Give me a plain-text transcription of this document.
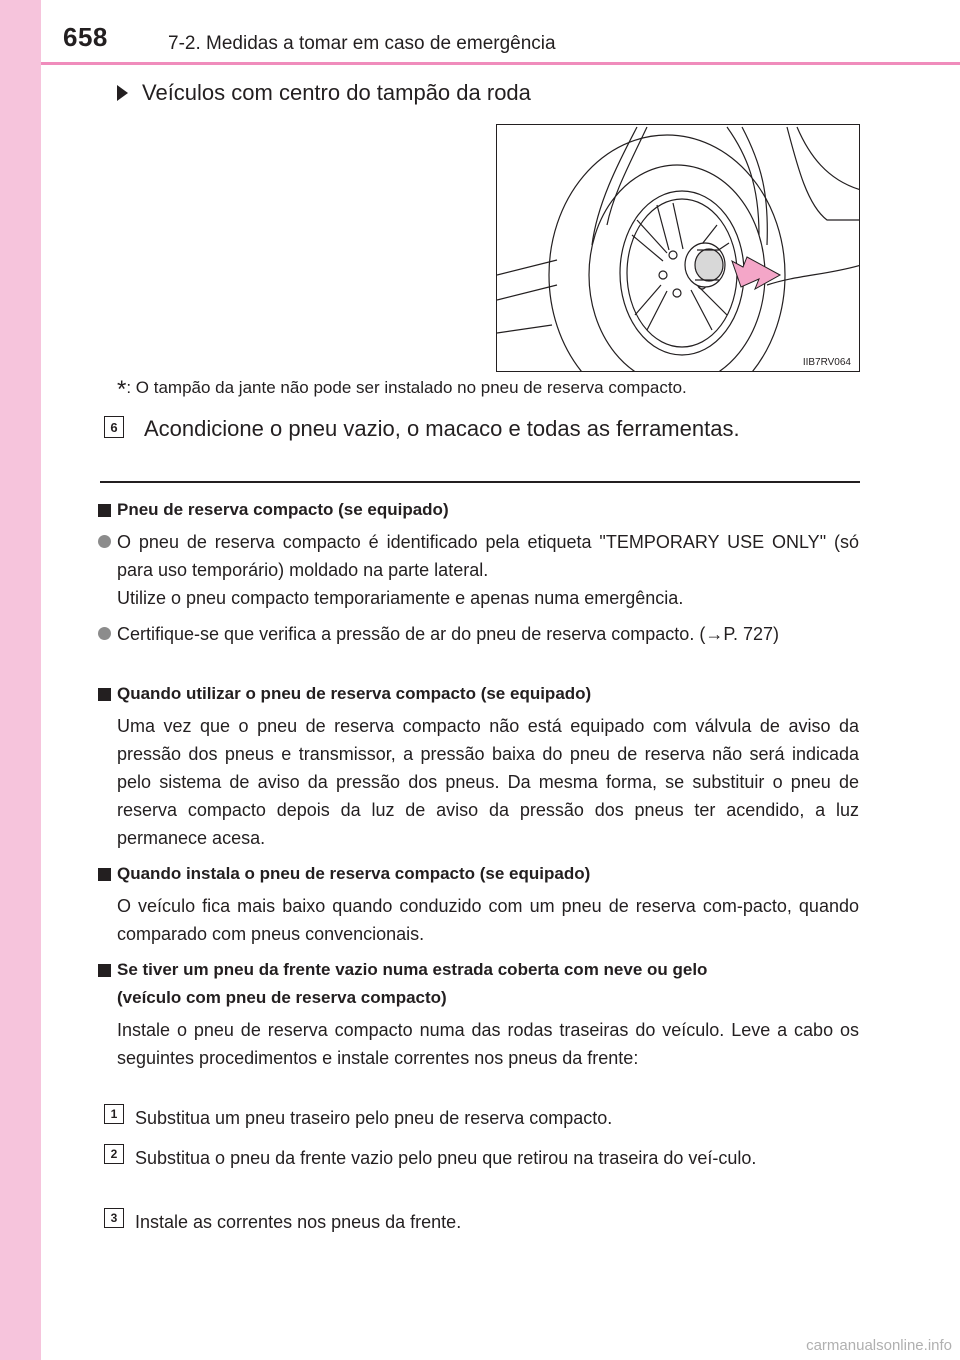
658	7-2. Medidas a tomar em caso de emergência
Veículos com centro do tampão da roda
IIB7RV064
*: O tampão da jante não pode ser instalado no pneu de reserva compacto.
6 Acondicione o pneu vazio, o macaco e todas as ferramentas.
Pneu de reserva compacto (se equipado)
O pneu de reserva compacto é identificado pela etiqueta "TEMPORARY USE ONLY" (só para uso temporário) moldado na parte lateral.
Utilize o pneu compacto temporariamente e apenas numa emergência.
Certifique-se que verifica a pressão de ar do pneu de reserva compacto. (→P. 727)
Quando utilizar o pneu de reserva compacto (se equipado)
Uma vez que o pneu de reserva compacto não está equipado com válvula de aviso da pressão dos pneus e transmissor, a pressão baixa do pneu de reserva não será indicada pelo sistema de aviso da pressão dos pneus. Da mesma forma, se substituir o pneu de reserva compacto depois da luz de aviso da pressão dos pneus ter acendido, a luz permanece acesa.
Quando instala o pneu de reserva compacto (se equipado)
O veículo fica mais baixo quando conduzido com um pneu de reserva com-pacto, quando comparado com pneus convencionais.
Se tiver um pneu da frente vazio numa estrada coberta com neve ou gelo
(veículo com pneu de reserva compacto)
Instale o pneu de reserva compacto numa das rodas traseiras do veículo. Leve a cabo os seguintes procedimentos e instale correntes nos pneus da frente:
1 Substitua um pneu traseiro pelo pneu de reserva compacto.
2 Substitua o pneu da frente vazio pelo pneu que retirou na traseira do veí-culo.
3 Instale as correntes nos pneus da frente.
carmanualsonline.info
